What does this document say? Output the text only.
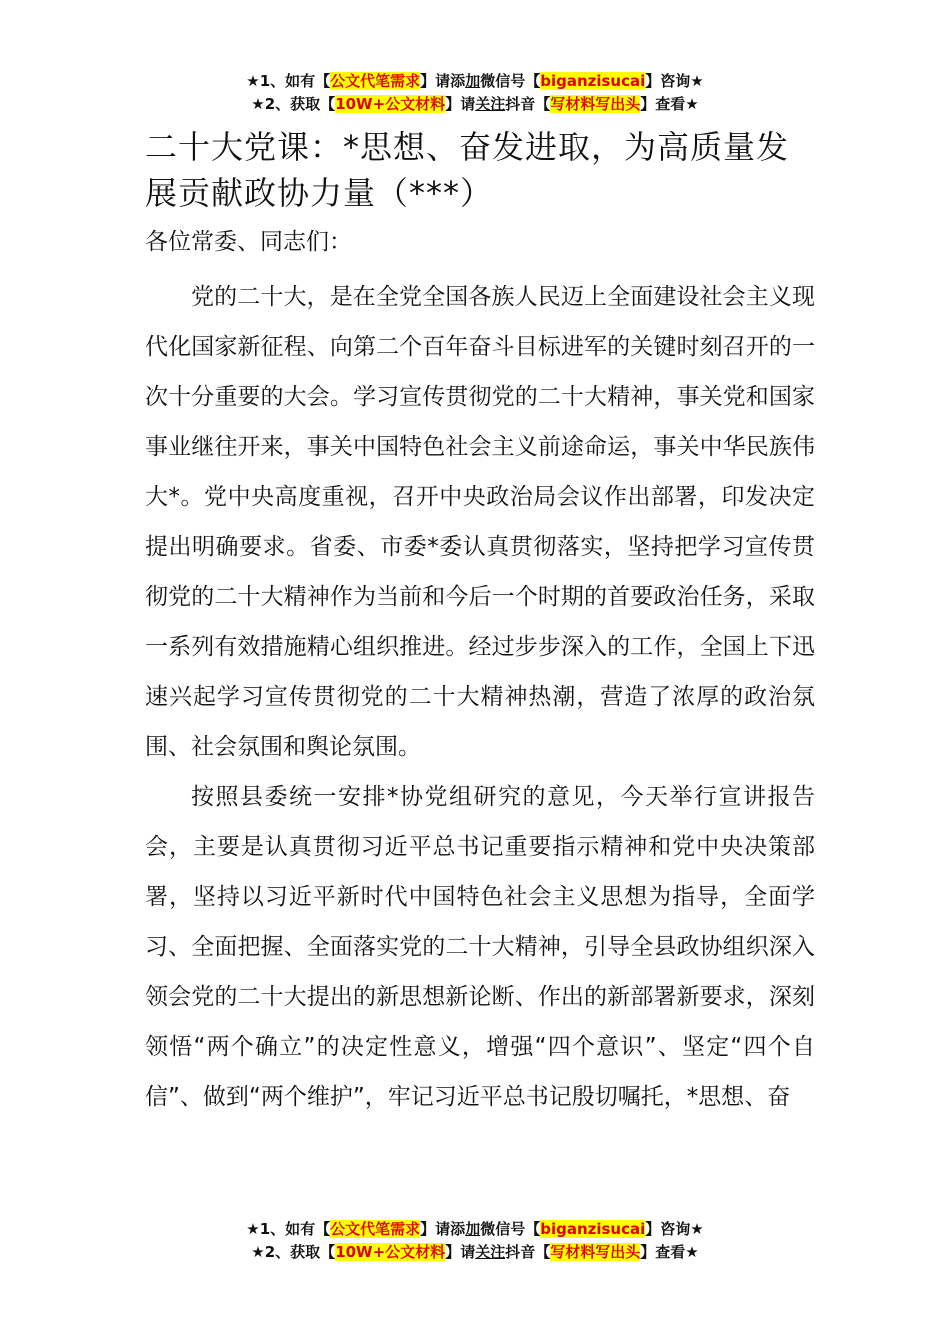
★1、如有【公文代笔需求】请添加微信号【biganzisucai】咨询★
★2、获取【10W+公文材料】请关注抖音【写材料写出头】查看★
二十大党课：*思想、奋发进取，为高质量发展贡献政协力量（***）

各位常委、同志们：

党的二十大，是在全党全国各族人民迈上全面建设社会主义现代化国家新征程、向第二个百年奋斗目标进军的关键时刻召开的一次十分重要的大会。学习宣传贯彻党的二十大精神，事关党和国家事业继往开来，事关中国特色社会主义前途命运，事关中华民族伟大*。党中央高度重视，召开中央政治局会议作出部署，印发决定提出明确要求。省委、市委*委认真贯彻落实，坚持把学习宣传贯彻党的二十大精神作为当前和今后一个时期的首要政治任务，采取一系列有效措施精心组织推进。经过步步深入的工作，全国上下迅速兴起学习宣传贯彻党的二十大精神热潮，营造了浓厚的政治氛围、社会氛围和舆论氛围。

按照县委统一安排*协党组研究的意见，今天举行宣讲报告会，主要是认真贯彻习近平总书记重要指示精神和党中央决策部署，坚持以习近平新时代中国特色社会主义思想为指导，全面学习、全面把握、全面落实党的二十大精神，引导全县政协组织深入领会党的二十大提出的新思想新论断、作出的新部署新要求，深刻领悟“两个确立”的决定性意义，增强“四个意识”、坚定“四个自信”、做到“两个维护”，牢记习近平总书记殷切嘱托，*思想、奋

★1、如有【公文代笔需求】请添加微信号【biganzisucai】咨询★
★2、获取【10W+公文材料】请关注抖音【写材料写出头】查看★
